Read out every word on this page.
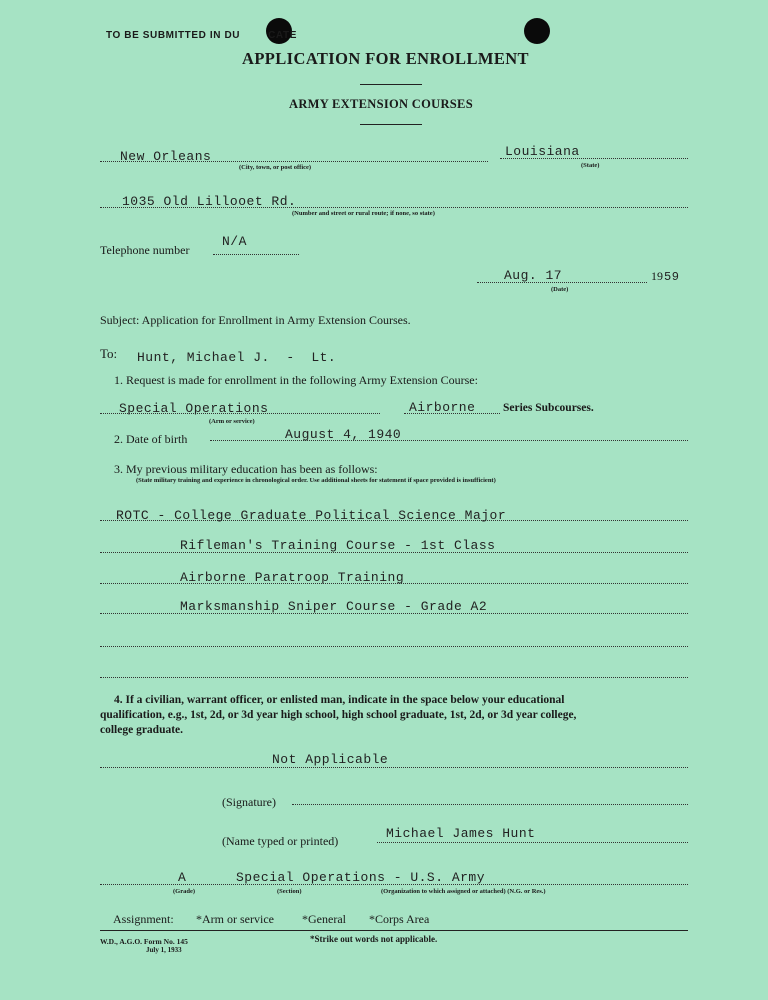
TO BE SUBMITTED IN DU	CATE
APPLICATION FOR ENROLLMENT
ARMY EXTENSION COURSES
New Orleans
(City, town, or post office)
Louisiana
(State)
1035 Old Lillooet Rd.
(Number and street or rural route; if none, so state)
Telephone number
N/A
Aug. 17	19 59
(Date)
Subject: Application for Enrollment in Army Extension Courses.
To: Hunt, Michael J.  -  Lt.
1. Request is made for enrollment in the following Army Extension Course:
Special Operations
(Arm or service)
Airborne Series Subcourses.
2. Date of birth	August 4, 1940
3. My previous military education has been as follows:
(State military training and experience in chronological order. Use additional sheets for statement if space provided is insufficient)
ROTC - College Graduate Political Science Major
Rifleman's Training Course - 1st Class
Airborne Paratroop Training
Marksmanship Sniper Course - Grade A2
4. If a civilian, warrant officer, or enlisted man, indicate in the space below your educational
qualification, e.g., 1st, 2d, or 3d year high school, high school graduate, 1st, 2d, or 3d year college,
college graduate.
Not Applicable
(Signature)
(Name typed or printed)	Michael James Hunt
A	Special Operations - U.S. Army
(Grade)	(Section)	(Organization to which assigned or attached) (N.G. or Res.)
Assignment: *Arm or service *General *Corps Area
W.D., A.G.O. Form No. 145
July 1, 1933
*Strike out words not applicable.
